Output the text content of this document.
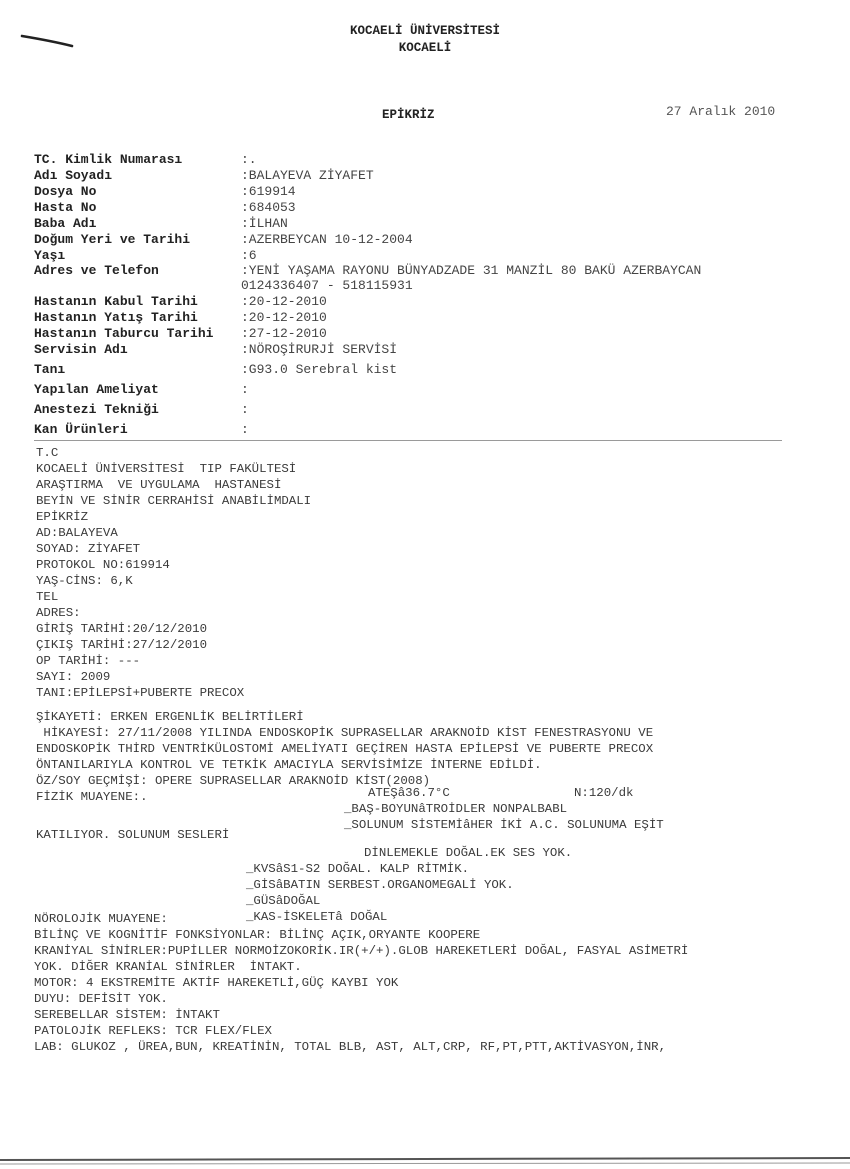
KOCAELİ ÜNİVERSİTESİ
KOCAELİ
EPİKRİZ	27 Aralık 2010
TC. Kimlik Numarası	:.
Adı Soyadı	:BALAYEVA ZİYAFET
Dosya No	:619914
Hasta No	:684053
Baba Adı	:İLHAN
Doğum Yeri ve Tarihi	:AZERBEYCAN 10-12-2004
Yaşı	:6
Adres ve Telefon	:YENİ YAŞAMA RAYONU BÜNYADZADE 31 MANZİL 80 BAKÜ AZERBAYCAN
0124336407 - 518115931
Hastanın Kabul Tarihi	:20-12-2010
Hastanın Yatış Tarihi	:20-12-2010
Hastanın Taburcu Tarihi :27-12-2010
Servisin Adı	:NÖROŞİRURJİ SERVİSİ
Tanı	:G93.0 Serebral kist
Yapılan Ameliyat	:
Anestezi Tekniği	:
Kan Ürünleri	:
T.C
KOCAELİ ÜNİVERSİTESİ  TIP FAKÜLTESİ
ARAŞTIRMA  VE UYGULAMA  HASTANESİ
BEYİN VE SİNİR CERRAHİSİ ANABİLİMDALI
EPİKRİZ
AD:BALAYEVA
SOYAD: ZİYAFET
PROTOKOL NO:619914
YAŞ-CİNS: 6,K
TEL
ADRES:
GİRİŞ TARİHİ:20/12/2010
ÇIKIŞ TARİHİ:27/12/2010
OP TARİHİ: ---
SAYI: 2009
TANI:EPİLEPSİ+PUBERTE PRECOX
ŞİKAYETİ: ERKEN ERGENLİK BELİRTİLERİ
HİKAYESİ: 27/11/2008 YILINDA ENDOSKOPİK SUPRASELLAR ARAKNOİD KİST FENESTRASYONU VE
ENDOSKOPİK THİRD VENTRİKÜLOSTOMİ AMELİYATI GEÇİREN HASTA EPİLEPSİ VE PUBERTE PRECOX
ÖNTANILARIYLA KONTROL VE TETKİK AMACIYLA SERVİSİMİZE İNTERNE EDİLDİ.
ÖZ/SOY GEÇMİŞİ: OPERE SUPRASELLAR ARAKNOİD KİST(2008)
FİZİK MUAYENE:.	ATEŞâ36.7°C	N:120/dk
_BAŞ-BOYUNâTROİDLER NONPALBABL
_SOLUNUM SİSTEMİâHER İKİ A.C. SOLUNUMA EŞİT
KATILIYOR. SOLUNUM SESLERİ
DİNLEMEKLE DOĞAL.EK SES YOK.
_KVSâS1-S2 DOĞAL. KALP RİTMİK.
_GİSâBATIN SERBEST.ORGANOMEGALİ YOK.
_GÜSâDOĞAL
_KAS-İSKELETâ DOĞAL
NÖROLOJİK MUAYENE:
BİLİNÇ VE KOGNİTİF FONKSİYONLAR: BİLİNÇ AÇIK,ORYANTE KOOPERE
KRANİYAL SİNİRLER:PUPİLLER NORMOİZOKORİK.IR(+/+).GLOB HAREKETLERİ DOĞAL, FASYAL ASİMETRİ
YOK. DİĞER KRANİAL SİNİRLER  İNTAKT.
MOTOR: 4 EKSTREMİTE AKTİF HAREKETLİ,GÜÇ KAYBI YOK
DUYU: DEFİSİT YOK.
SEREBELLAR SİSTEM: İNTAKT
PATOLOJİK REFLEKS: TCR FLEX/FLEX
LAB: GLUKOZ , ÜREA,BUN, KREATİNİN, TOTAL BLB, AST, ALT,CRP, RF,PT,PTT,AKTİVASYON,İNR,
